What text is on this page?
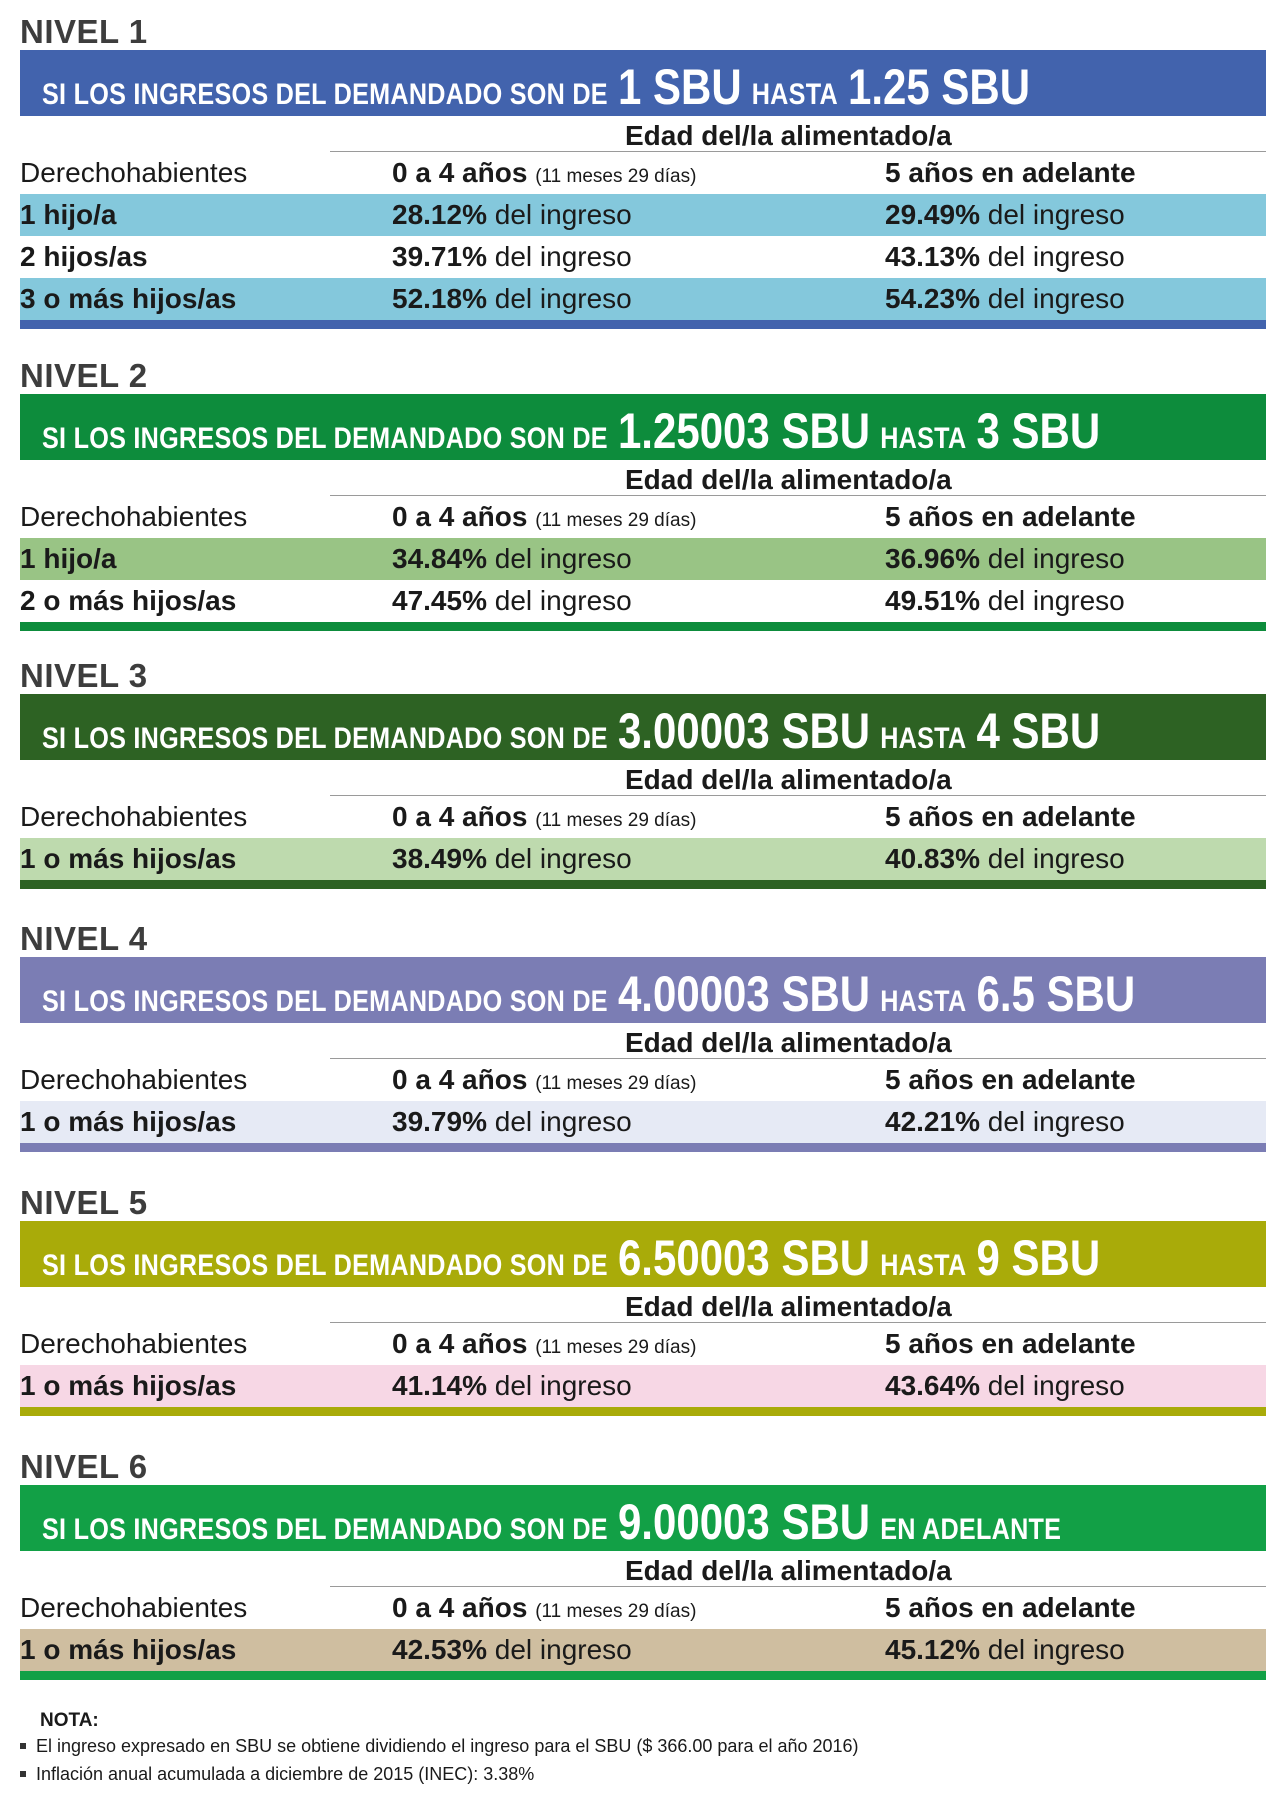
NIVEL 1
SI LOS INGRESOS DEL DEMANDADO SON DE 1 SBU HASTA 1.25 SBU
Edad del/la alimentado/a
Derechohabientes	0 a 4 años (11 meses 29 días)	5 años en adelante
1 hijo/a	28.12% del ingreso	29.49% del ingreso
2 hijos/as	39.71% del ingreso	43.13% del ingreso
3 o más hijos/as	52.18% del ingreso	54.23% del ingreso
NIVEL 2
SI LOS INGRESOS DEL DEMANDADO SON DE 1.25003 SBU HASTA 3 SBU
Edad del/la alimentado/a
Derechohabientes	0 a 4 años (11 meses 29 días)	5 años en adelante
1 hijo/a	34.84% del ingreso	36.96% del ingreso
2 o más hijos/as	47.45% del ingreso	49.51% del ingreso
NIVEL 3
SI LOS INGRESOS DEL DEMANDADO SON DE 3.00003 SBU HASTA 4 SBU
Edad del/la alimentado/a
Derechohabientes	0 a 4 años (11 meses 29 días)	5 años en adelante
1 o más hijos/as	38.49% del ingreso	40.83% del ingreso
NIVEL 4
SI LOS INGRESOS DEL DEMANDADO SON DE 4.00003 SBU HASTA 6.5 SBU
Edad del/la alimentado/a
Derechohabientes	0 a 4 años (11 meses 29 días)	5 años en adelante
1 o más hijos/as	39.79% del ingreso	42.21% del ingreso
NIVEL 5
SI LOS INGRESOS DEL DEMANDADO SON DE 6.50003 SBU HASTA 9 SBU
Edad del/la alimentado/a
Derechohabientes	0 a 4 años (11 meses 29 días)	5 años en adelante
1 o más hijos/as	41.14% del ingreso	43.64% del ingreso
NIVEL 6
SI LOS INGRESOS DEL DEMANDADO SON DE 9.00003 SBU EN ADELANTE
Edad del/la alimentado/a
Derechohabientes	0 a 4 años (11 meses 29 días)	5 años en adelante
1 o más hijos/as	42.53% del ingreso	45.12% del ingreso
NOTA:
El ingreso expresado en SBU se obtiene dividiendo el ingreso para el SBU ($ 366.00 para el año 2016)
Inflación anual acumulada a diciembre de 2015 (INEC): 3.38%
